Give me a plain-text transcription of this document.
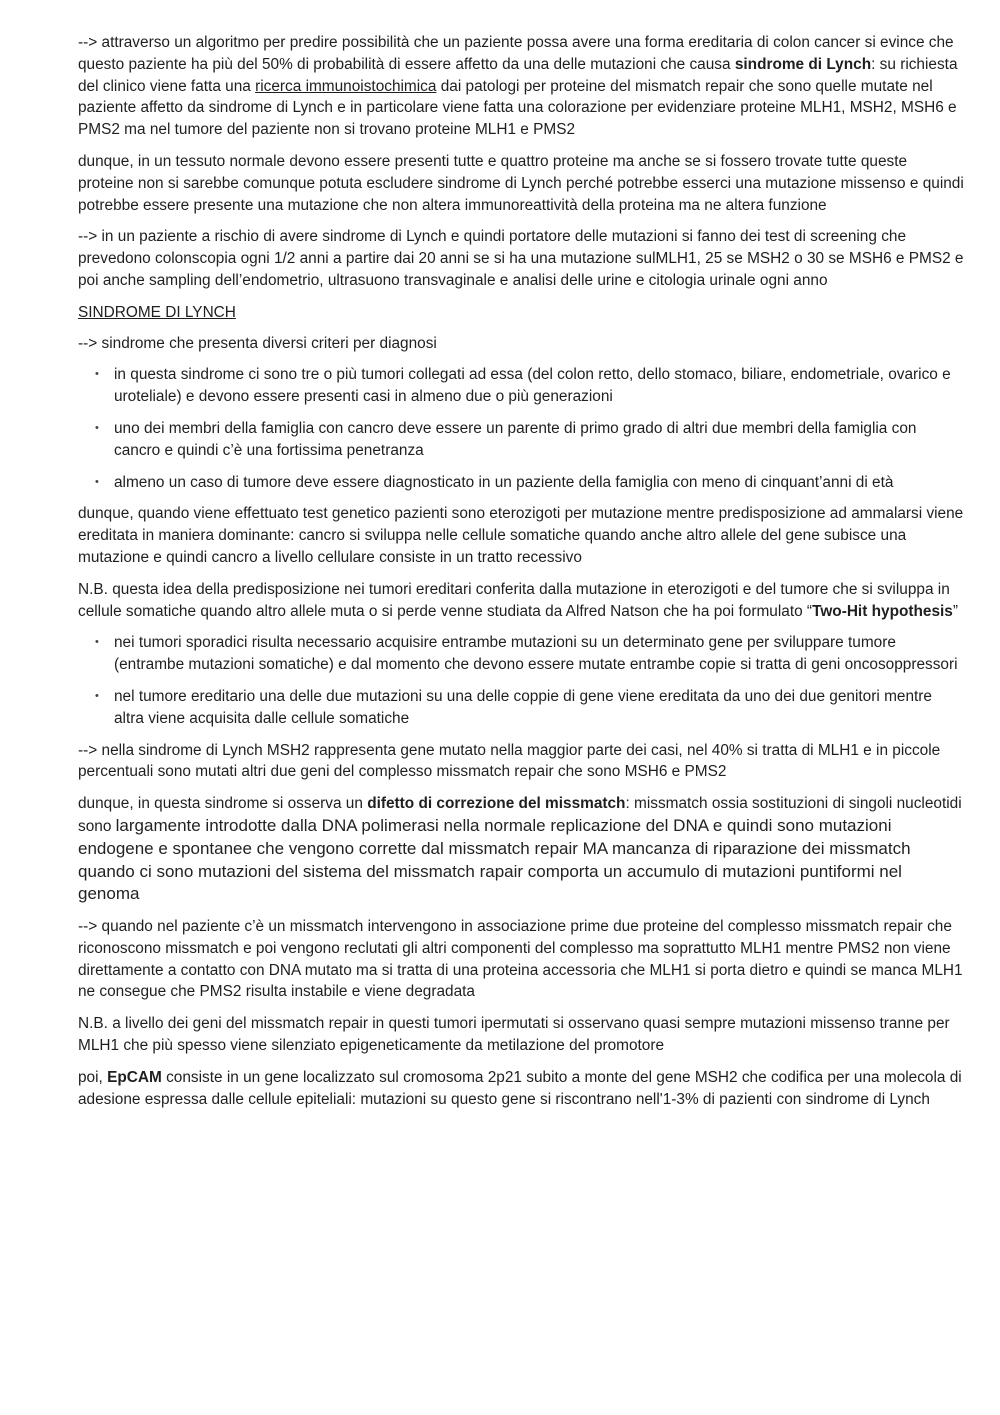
--> attraverso un algoritmo per predire possibilità che un paziente possa avere una forma ereditaria di colon cancer si evince che questo paziente ha più del 50% di probabilità di essere affetto da una delle mutazioni che causa sindrome di Lynch: su richiesta del clinico viene fatta una ricerca immunoistochimica dai patologi per proteine del mismatch repair che sono quelle mutate nel paziente affetto da sindrome di Lynch e in particolare viene fatta una colorazione per evidenziare proteine MLH1, MSH2, MSH6 e PMS2 ma nel tumore del paziente non si trovano proteine MLH1 e PMS2

dunque, in un tessuto normale devono essere presenti tutte e quattro proteine ma anche se si fossero trovate tutte queste proteine non si sarebbe comunque potuta escludere sindrome di Lynch perché potrebbe esserci una mutazione missenso e quindi potrebbe essere presente una mutazione che non altera immunoreattività della proteina ma ne altera funzione

--> in un paziente a rischio di avere sindrome di Lynch e quindi portatore delle mutazioni si fanno dei test di screening che prevedono colonscopia ogni 1/2 anni a partire dai 20 anni se si ha una mutazione sulMLH1, 25 se MSH2 o 30 se MSH6 e PMS2 e poi anche sampling dell’endometrio, ultrasuono transvaginale e analisi delle urine e citologia urinale ogni anno

SINDROME DI LYNCH

--> sindrome che presenta diversi criteri per diagnosi

• in questa sindrome ci sono tre o più tumori collegati ad essa (del colon retto, dello stomaco, biliare, endometriale, ovarico e uroteliale) e devono essere presenti casi in almeno due o più generazioni
• uno dei membri della famiglia con cancro deve essere un parente di primo grado di altri due membri della famiglia con cancro e quindi c’è una fortissima penetranza
• almeno un caso di tumore deve essere diagnosticato in un paziente della famiglia con meno di cinquant’anni di età

dunque, quando viene effettuato test genetico pazienti sono eterozigoti per mutazione mentre predisposizione ad ammalarsi viene ereditata in maniera dominante: cancro si sviluppa nelle cellule somatiche quando anche altro allele del gene subisce una mutazione e quindi cancro a livello cellulare consiste in un tratto recessivo

N.B. questa idea della predisposizione nei tumori ereditari conferita dalla mutazione in eterozigoti e del tumore che si sviluppa in cellule somatiche quando altro allele muta o si perde venne studiata da Alfred Natson che ha poi formulato “Two-Hit hypothesis”

• nei tumori sporadici risulta necessario acquisire entrambe mutazioni su un determinato gene per sviluppare tumore (entrambe mutazioni somatiche) e dal momento che devono essere mutate entrambe copie si tratta di geni oncosoppressori
• nel tumore ereditario una delle due mutazioni su una delle coppie di gene viene ereditata da uno dei due genitori mentre altra viene acquisita dalle cellule somatiche

--> nella sindrome di Lynch MSH2 rappresenta gene mutato nella maggior parte dei casi, nel 40% si tratta di MLH1 e in piccole percentuali sono mutati altri due geni del complesso missmatch repair che sono MSH6 e PMS2

dunque, in questa sindrome si osserva un difetto di correzione del missmatch: missmatch ossia sostituzioni di singoli nucleotidi sono largamente introdotte dalla DNA polimerasi nella normale replicazione del DNA e quindi sono mutazioni endogene e spontanee che vengono corrette dal missmatch repair MA mancanza di riparazione dei missmatch quando ci sono mutazioni del sistema del missmatch rapair comporta un accumulo di mutazioni puntiformi nel genoma

--> quando nel paziente c’è un missmatch intervengono in associazione prime due proteine del complesso missmatch repair che riconoscono missmatch e poi vengono reclutati gli altri componenti del complesso ma soprattutto MLH1 mentre PMS2 non viene direttamente a contatto con DNA mutato ma si tratta di una proteina accessoria che MLH1 si porta dietro e quindi se manca MLH1 ne consegue che PMS2 risulta instabile e viene degradata

N.B. a livello dei geni del missmatch repair in questi tumori ipermutati si osservano quasi sempre mutazioni missenso tranne per MLH1 che più spesso viene silenziato epigeneticamente da metilazione del promotore

poi, EpCAM consiste in un gene localizzato sul cromosoma 2p21 subito a monte del gene MSH2 che codifica per una molecola di adesione espressa dalle cellule epiteliali: mutazioni su questo gene si riscontrano nell'1-3% di pazienti con sindrome di Lynch
